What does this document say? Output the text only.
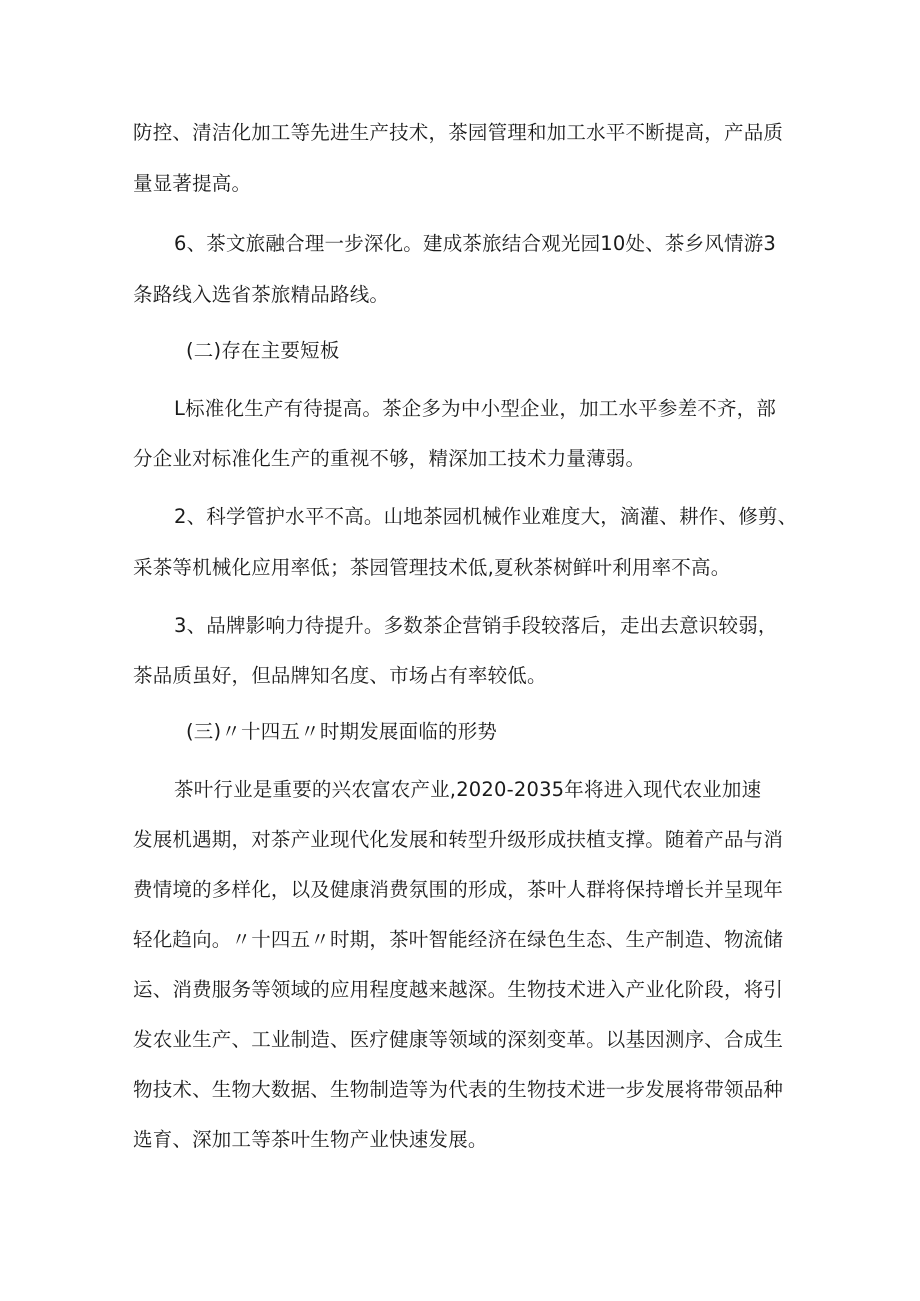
防控、清洁化加工等先进生产技术，茶园管理和加工水平不断提高，产品质
量显著提高。
6、茶文旅融合理一步深化。建成茶旅结合观光园10处、茶乡风情游3
条路线入选省茶旅精品路线。
(二)存在主要短板
L标准化生产有待提高。茶企多为中小型企业，加工水平参差不齐，部
分企业对标准化生产的重视不够，精深加工技术力量薄弱。
2、科学管护水平不高。山地茶园机械作业难度大，滴灌、耕作、修剪、
采茶等机械化应用率低；茶园管理技术低,夏秋茶树鲜叶利用率不高。
3、品牌影响力待提升。多数茶企营销手段较落后，走出去意识较弱，
茶品质虽好，但品牌知名度、市场占有率较低。
(三)〃十四五〃时期发展面临的形势
茶叶行业是重要的兴农富农产业,2020-2035年将进入现代农业加速
发展机遇期，对茶产业现代化发展和转型升级形成扶植支撑。随着产品与消
费情境的多样化，以及健康消费氛围的形成，茶叶人群将保持增长并呈现年
轻化趋向。〃十四五〃时期，茶叶智能经济在绿色生态、生产制造、物流储
运、消费服务等领域的应用程度越来越深。生物技术进入产业化阶段，将引
发农业生产、工业制造、医疗健康等领域的深刻变革。以基因测序、合成生
物技术、生物大数据、生物制造等为代表的生物技术进一步发展将带领品种
选育、深加工等茶叶生物产业快速发展。
